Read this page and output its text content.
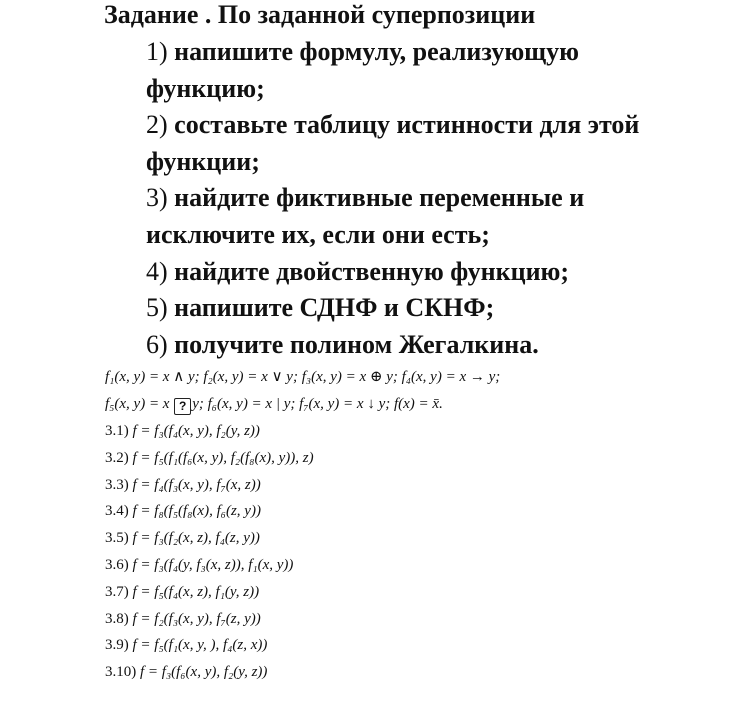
Задание . По заданной суперпозиции

1) напишите формулу, реализующую

функцию;

2) составьте таблицу истинности для этой

функции;

3) найдите фиктивные переменные и

исключите их, если они есть;

4) найдите двойственную функцию;

5) напишите СДНФ и СКНФ;

6) получите полином Жегалкина.

f₁(x, y) = x ∧ y; f₂(x, y) = x ∨ y; f₃(x, y) = x ⊕ y; f₄(x, y) = x → y;
f₅(x, y) = x ? y; f₆(x, y) = x | y; f₇(x, y) = x ↓ y; f(x) = x̄.
3.1) f = f₃(f₄(x, y), f₂(y, z))
3.2) f = f₅(f₁(f₆(x, y), f₂(f₈(x), y)), z)
3.3) f = f₄(f₃(x, y), f₇(x, z))
3.4) f = f₈(f₅(f₈(x), f₆(z, y))
3.5) f = f₃(f₂(x, z), f₄(z, y))
3.6) f = f₃(f₄(y, f₃(x, z)), f₁(x, y))
3.7) f = f₅(f₄(x, z), f₁(y, z))
3.8) f = f₂(f₃(x, y), f₇(z, y))
3.9) f = f₅(f₁(x, y, ), f₄(z, x))
3.10) f = f₃(f₆(x, y), f₂(y, z))
